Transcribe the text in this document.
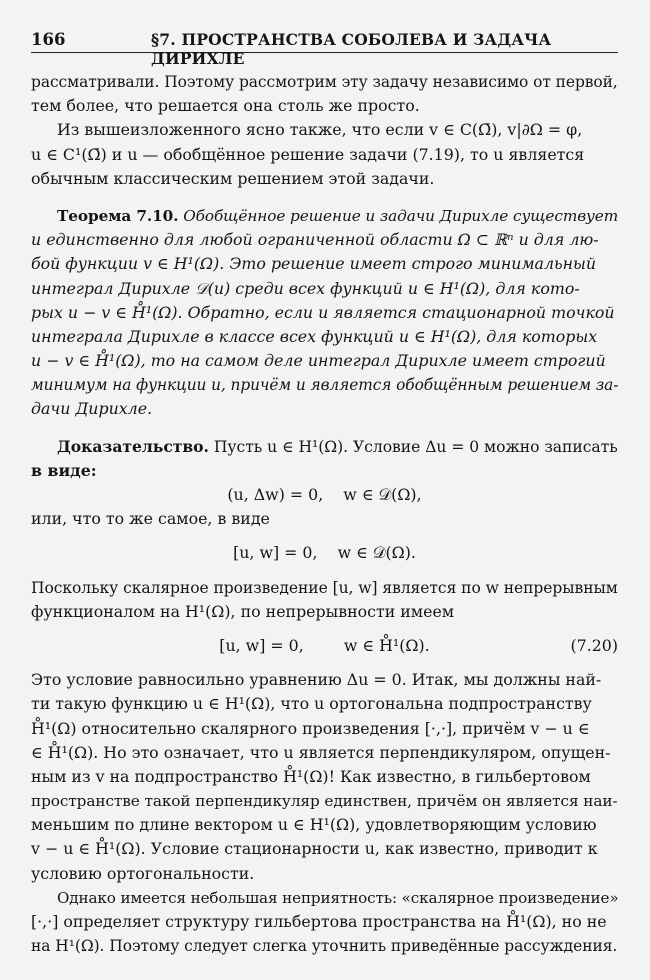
166	§7. ПРОСТРАНСТВА СОБОЛЕВА И ЗАДАЧА ДИРИХЛЕ
рассматривали. Поэтому рассмотрим эту задачу независимо от первой,
тем более, что решается она столь же просто.
Из вышеизложенного ясно также, что если v ∈ C(Ω̄), v|∂Ω = φ,
u ∈ C¹(Ω̄) и u — обобщённое решение задачи (7.19), то u является
обычным классическим решением этой задачи.
Теорема 7.10. Обобщённое решение и задачи Дирихле существует
и единственно для любой ограниченной области Ω ⊂ ℝⁿ и для лю-
бой функции v ∈ H¹(Ω). Это решение имеет строго минимальный
интеграл Дирихле 𝒟(u) среди всех функций u ∈ H¹(Ω), для кото-
рых u − v ∈ H̊¹(Ω). Обратно, если u является стационарной точкой
интеграла Дирихле в классе всех функций u ∈ H¹(Ω), для которых
u − v ∈ H̊¹(Ω), то на самом деле интеграл Дирихле имеет строгий
минимум на функции u, причём и является обобщённым решением за-
дачи Дирихле.
Доказательство. Пусть u ∈ H¹(Ω). Условие Δu = 0 можно записать
в виде:
(u, Δw) = 0,    w ∈ 𝒟(Ω),
или, что то же самое, в виде
[u, w] = 0,    w ∈ 𝒟(Ω).
Поскольку скалярное произведение [u, w] является по w непрерывным
функционалом на H¹(Ω), по непрерывности имеем
[u, w] = 0,        w ∈ H̊¹(Ω).	(7.20)
Это условие равносильно уравнению Δu = 0. Итак, мы должны най-
ти такую функцию u ∈ H¹(Ω), что u ортогональна подпространству
H̊¹(Ω) относительно скалярного произведения [·,·], причём v − u ∈
∈ H̊¹(Ω). Но это означает, что u является перпендикуляром, опущен-
ным из v на подпространство H̊¹(Ω)! Как известно, в гильбертовом
пространстве такой перпендикуляр единствен, причём он является наи-
меньшим по длине вектором u ∈ H¹(Ω), удовлетворяющим условию
v − u ∈ H̊¹(Ω). Условие стационарности u, как известно, приводит к
условию ортогональности.
Однако имеется небольшая неприятность: «скалярное произведение»
[·,·] определяет структуру гильбертова пространства на H̊¹(Ω), но не
на H¹(Ω). Поэтому следует слегка уточнить приведённые рассуждения.
